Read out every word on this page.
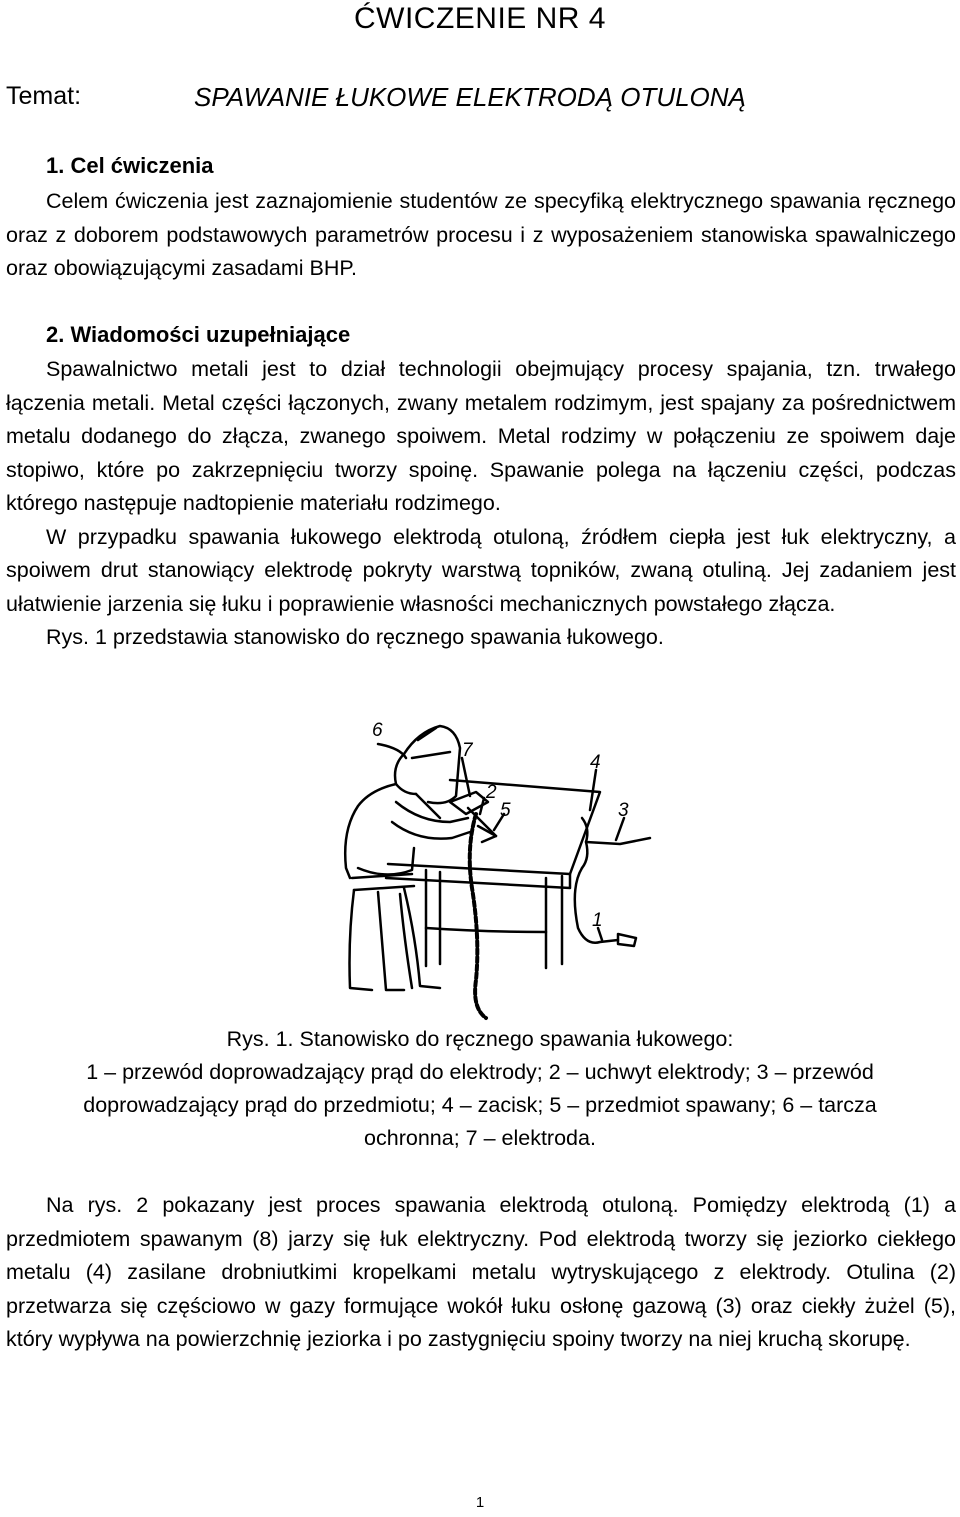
ĆWICZENIE NR 4
Temat:	SPAWANIE ŁUKOWE ELEKTRODĄ OTULONĄ
1. Cel ćwiczenia

Celem ćwiczenia jest zaznajomienie studentów ze specyfiką elektrycznego spawania ręcznego oraz z doborem podstawowych parametrów procesu i z wyposażeniem stanowiska spawalniczego oraz obowiązującymi zasadami BHP.

2. Wiadomości uzupełniające

Spawalnictwo metali jest to dział technologii obejmujący procesy spajania, tzn. trwałego łączenia metali. Metal części łączonych, zwany metalem rodzimym, jest spajany za pośrednictwem metalu dodanego do złącza, zwanego spoiwem. Metal rodzimy w połączeniu ze spoiwem daje stopiwo, które po zakrzepnięciu tworzy spoinę. Spawanie polega na łączeniu części, podczas którego następuje nadtopienie materiału rodzimego.

W przypadku spawania łukowego elektrodą otuloną, źródłem ciepła jest łuk elektryczny, a spoiwem drut stanowiący elektrodę pokryty warstwą topników, zwaną otuliną. Jej zadaniem jest ułatwienie jarzenia się łuku i poprawienie własności mechanicznych powstałego złącza.

Rys. 1 przedstawia stanowisko do ręcznego spawania łukowego.

6
7
4
2
5	3
1
Rys. 1. Stanowisko do ręcznego spawania łukowego:
1 – przewód doprowadzający prąd do elektrody; 2 – uchwyt elektrody; 3 – przewód
doprowadzający prąd do przedmiotu; 4 – zacisk; 5 – przedmiot spawany; 6 – tarcza
ochronna; 7 – elektroda.

Na rys. 2 pokazany jest proces spawania elektrodą otuloną. Pomiędzy elektrodą (1) a przedmiotem spawanym (8) jarzy się łuk elektryczny. Pod elektrodą tworzy się jeziorko ciekłego metalu (4) zasilane drobniutkimi kropelkami metalu wytryskującego z elektrody. Otulina (2) przetwarza się częściowo w gazy formujące wokół łuku osłonę gazową (3) oraz ciekły żużel (5), który wypływa na powierzchnię jeziorka i po zastygnięciu spoiny tworzy na niej kruchą skorupę.

1
